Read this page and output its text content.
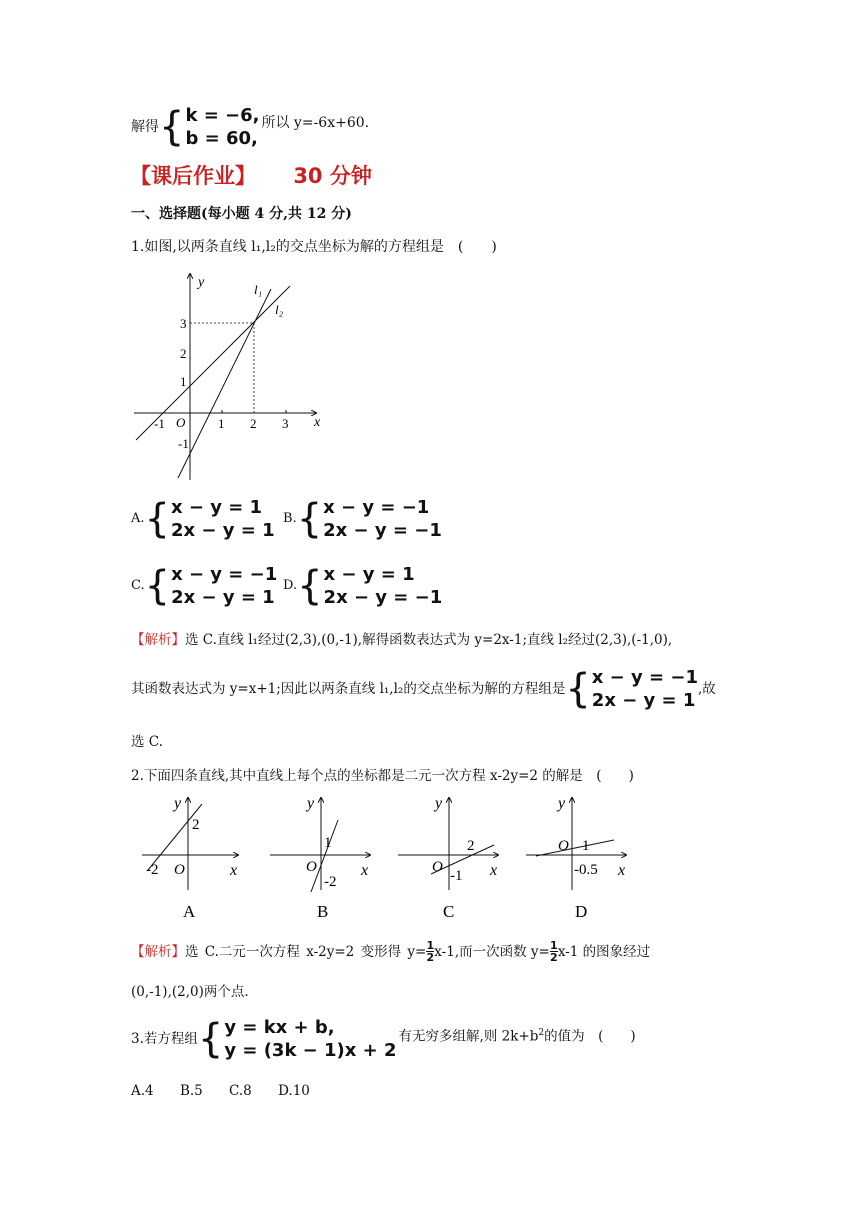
解得 { k = −6,
b = 60,
所以 y=-6x+60.
【课后作业】 30 分钟
一、选择题(每小题 4 分,共 12 分)
1.如图,以两条直线 l₁,l₂的交点坐标为解的方程组是　(　　)
x
y
O
-1	1 2 3
-1
1
2
3
l₁
l₂
A. { x − y = 1
2x − y = 1
B. { x − y = −1
2x − y = −1
C. { x − y = −1
2x − y = 1
D. { x − y = 1
2x − y = −1
【解析】选 C.直线 l₁经过(2,3),(0,-1),解得函数表达式为 y=2x-1;直线 l₂经过(2,3),(-1,0),
其函数表达式为 y=x+1;因此以两条直线 l₁,l₂的交点坐标为解的方程组是 { x − y = −1
2x − y = 1
,故
选 C.
2.下面四条直线,其中直线上每个点的坐标都是二元一次方程 x-2y=2 的解是　(　　)
x
y
O
-2
2
A
x
y
O
1
-2
B
x
y
O
2
-1
C
x
y
O 1
-0.5
D
【解析】 选 C.二元一次方程 x-2y=2 变形得 $y= \frac{1}{2} x-1$,而一次函数 $y= \frac{1}{2} x-1$ 的图象经过
(0,-1),(2,0)两个点.
3.若方程组 { y = kx + b,
y = (3k − 1)x + 2
有无穷多组解,则 $2k+b^2$的值为　(　　)
A.4 B.5 C.8 D.10
